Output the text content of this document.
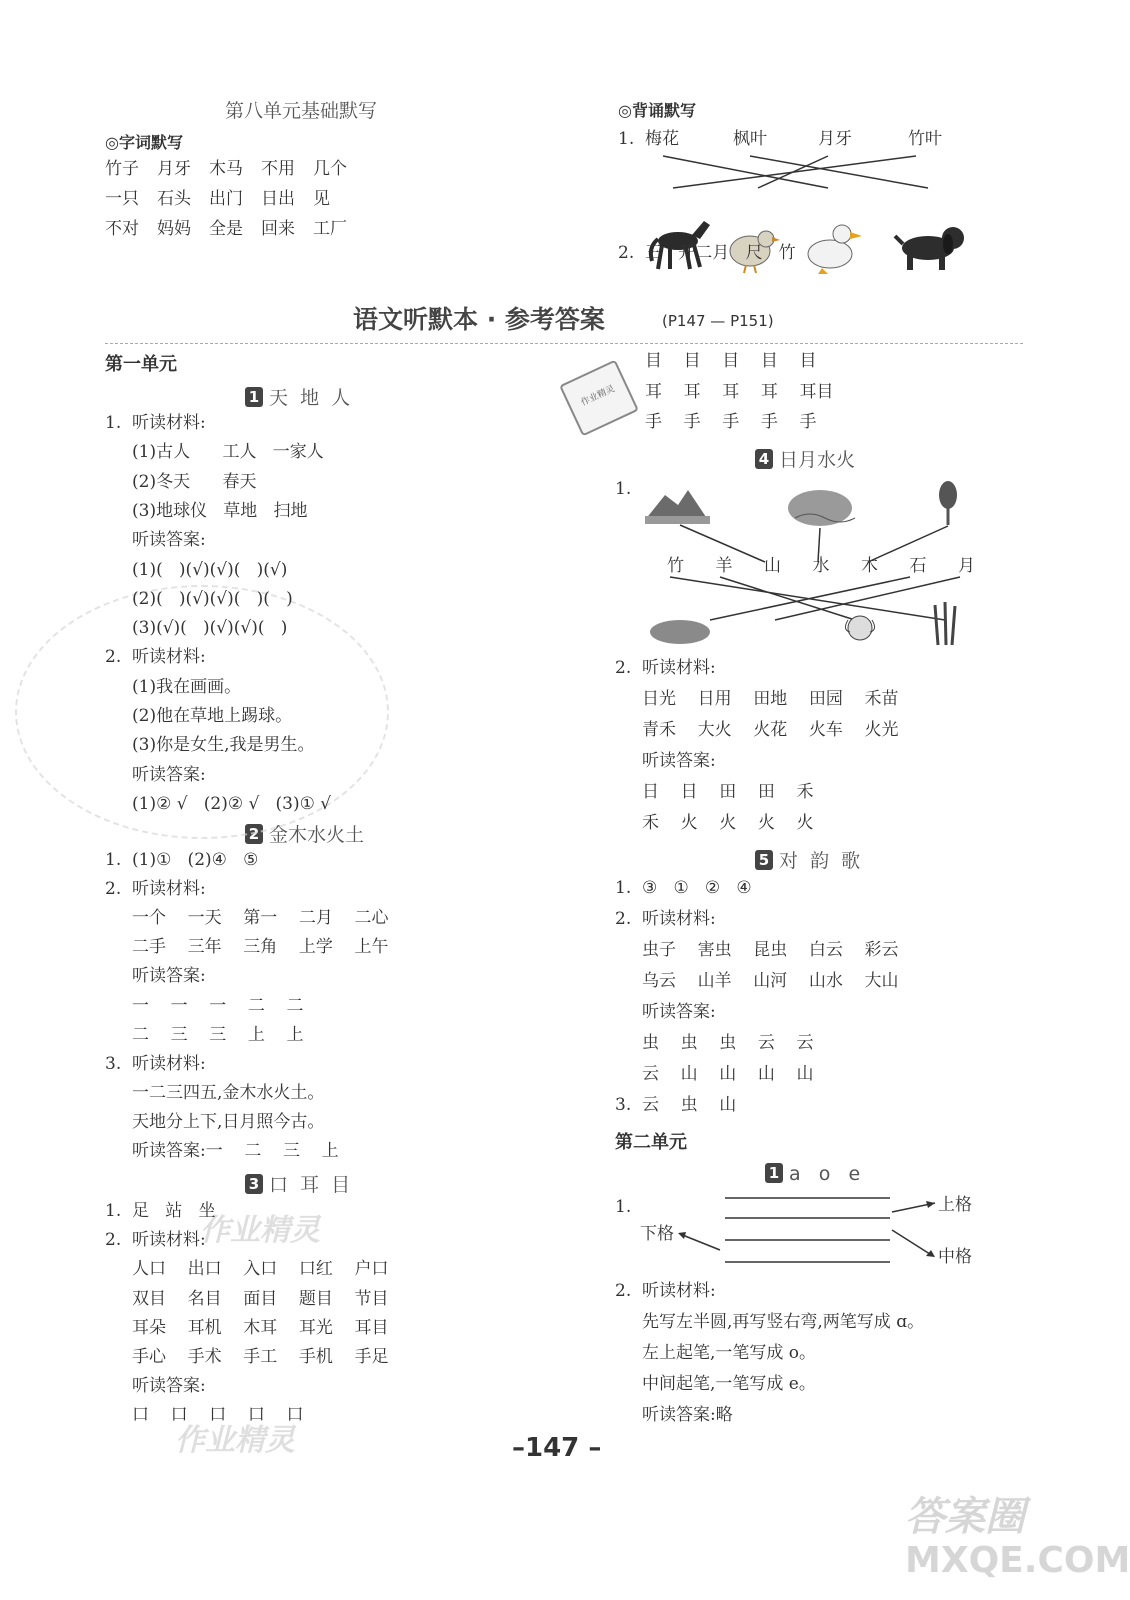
第八单元基础默写
◎字词默写
◎背诵默写
1.
2.  三   开二月   尺   竹
语文听默本 · 参考答案	(P147 — P151)
第一单元
1 天  地  人
2 金木水火土
3 口  耳  目
作业精灵
4 日月水火
1.
5 对  韵  歌
第二单元
1 a   o   e
1.	上格
下格
中格
–147 –
作业精灵
作业精灵
答案圈
MXQE.COM
竹子 月牙 木马 不用 几个
一只 石头 出门 日出 见
不对 妈妈 全是 回来 工厂
梅花	枫叶	月牙	竹叶
1.  听读材料:
(1)古人      工人   一家人
(2)冬天      春天
(3)地球仪   草地   扫地
听读答案:
(1)(   )(√)(√)(   )(√)
(2)(   )(√)(√)(   )(   )
(3)(√)(   )(√)(√)(   )
2.  听读材料:
(1)我在画画。
(2)他在草地上踢球。
(3)你是女生,我是男生。
听读答案:
(1)② √   (2)② √   (3)① √
1.  (1)①   (2)④   ⑤
2.  听读材料:
一个    一天    第一    二月    二心
二手    三年    三角    上学    上午
听读答案:
一    一    一    二    二
二    三    三    上    上
3.  听读材料:
一二三四五,金木水火土。
天地分上下,日月照今古。
听读答案:一    二    三    上
1.  足   站   坐
2.  听读材料:
人口    出口    入口    口红    户口
双目    名目    面目    题目    节目
耳朵    耳机    木耳    耳光    耳目
手心    手术    手工    手机    手足
听读答案:
口    口    口    口    口
目    目    目    目    目
耳    耳    耳    耳    耳目
手    手    手    手    手
2.  听读材料:
日光    日用    田地    田园    禾苗
青禾    大火    火花    火车    火光
听读答案:
日    日    田    田    禾
禾    火    火    火    火
1.  ③   ①   ②   ④
2.  听读材料:
虫子    害虫    昆虫    白云    彩云
乌云    山羊    山河    山水    大山
听读答案:
虫    虫    虫    云    云
云    山    山    山    山
3.  云    虫    山
2.  听读材料:
先写左半圆,再写竖右弯,两笔写成 ɑ。
左上起笔,一笔写成 o。
中间起笔,一笔写成 e。
听读答案:略
竹 羊 山 水 木 石 月
